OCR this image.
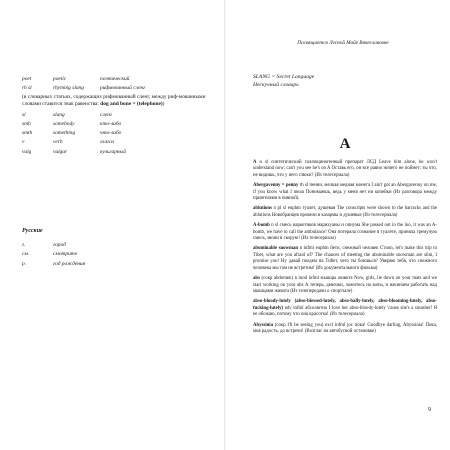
poet	poetic	поэтический
rh sl	rhyming slang	рифмованный сленг

(в словарных статьях, содержащих рифмованный сленг, между риф-мованными словами ставится знак равенства: dog and bone = (telephone))

sl	slang	сленг
smb	somebody	кто-либо
smth	something	что-либо
v	verb	глагол
vulg	vulgar	вульгарный
Русские
г.	город
см.	смотрите
р.	год рождения
Посвящается Лесной Майе Вячеславовне
SLANG = Secret Language
Нескучный словарь
А

A n sl синтетический галлюциногенный препарат ЛСД Leave him alone, he won't understand now; can't you see he's on A Оставь его, он все равно ничего не поймет; ты что, не видишь, что у него глюки? (Из телесериала)

Abergavenny = penny rh sl пенни, мелкая медная монета I ain't got an Abergavenny on me, if you know what I mean Понимаешь, ведь у меня нет ни копейки (Из разговора между приятелями в пивной).

ablutions n pl sl euphm туалет, душевая The conscripts were shown to the barracks and the ablutions Новобранцев провели в казармы и душевые (Из телесериала)

A-bomb n sl смесь наркотиков марихуаны и опиума She passed out in the loo, it was an A-bomb, we have to call the ambulance! Она потеряла сознание в туалете, приняла гремучую смесь, звони в скорую! (Из телесериала)

abominable snowman n infml euphm йети, снежный человек C'mon, let's make this trip to Tibet, what are you afraid of? The chances of meeting the abominable snowman are slim, I promise you! Ну давай поедем на Тибет, чего ты боишься? Уверяю тебя, что снежного человека мы там не встретим! (Из документального фильма)

abs (сокр abdomen) n mod infml мышцы живота Now, girls, lie down on your mats and we start working on your abs А теперь, девочки, ложитесь на маты, и начинаем работать над мышцами живота (Из телепередачи о спортзале)

abso-bloody-lutely (abso-blessed-lutely, abso-bally-lutely, abso-blooming-lutely, abso-fucking-lutely) adv infml абсолютно I love her abso-bloody-lutely 'cause she's a smasher! Я ее обожаю, потому что она красотка! (Из телесериала)

Abyssinia (сокр I'll be seeing you) excl infml joc пока! Goodbye darling, Abyssinia! Пока, моя радость, до встречи! (Возглас на автобусной остановке)

9
